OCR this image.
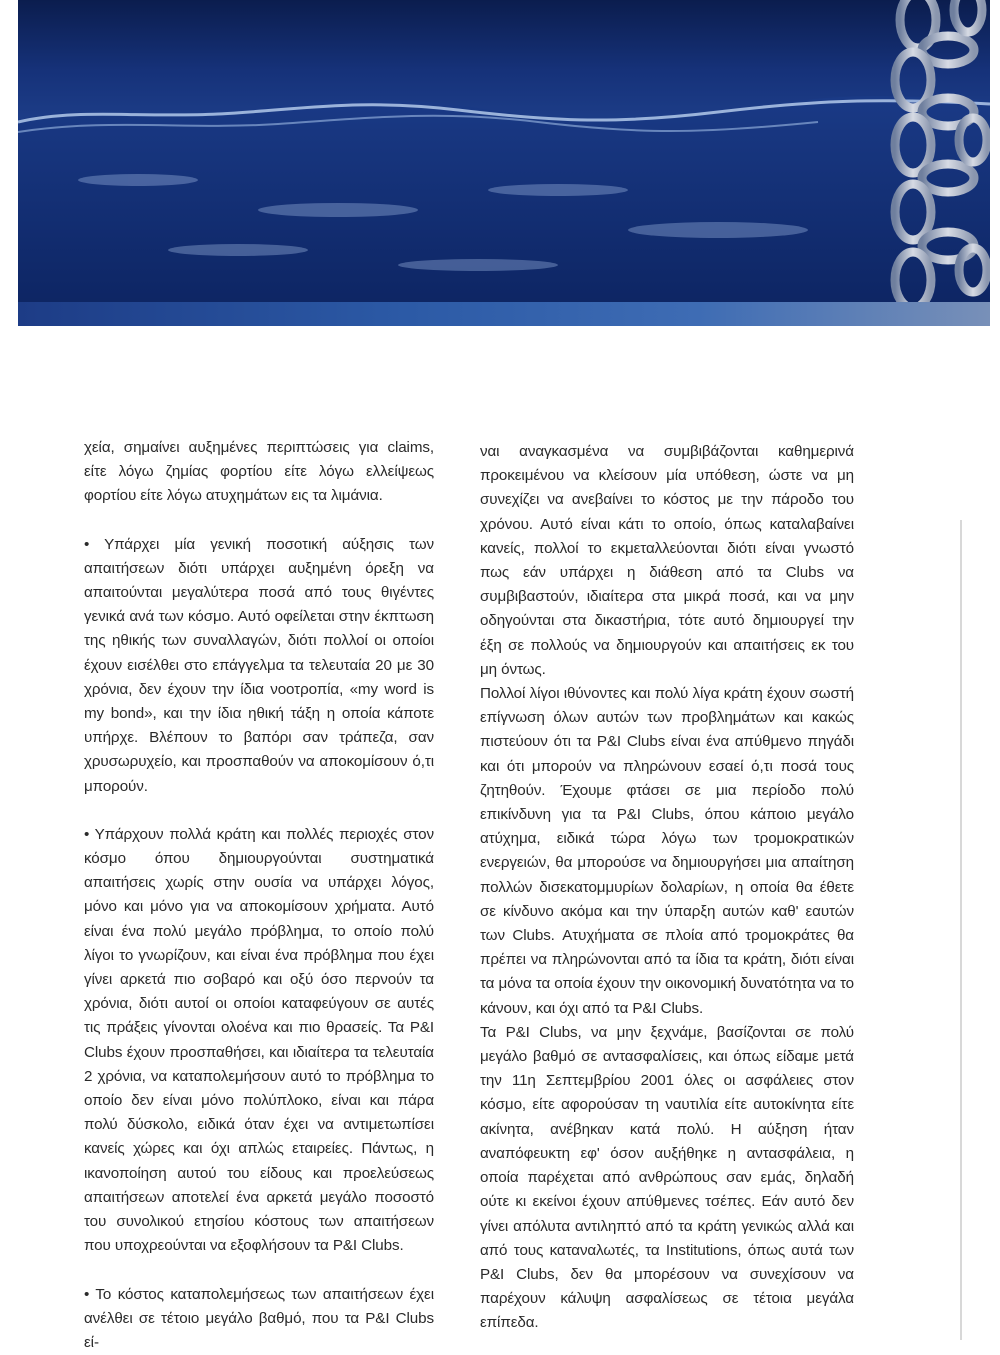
χεία, σημαίνει αυξημένες περιπτώσεις για claims, είτε λόγω ζημίας φορτίου είτε λόγω ελλείψεως φορτίου είτε λόγω ατυχημάτων εις τα λιμάνια.

• Υπάρχει μία γενική ποσοτική αύξησις των απαιτήσεων διότι υπάρχει αυξημένη όρεξη να απαιτούνται μεγαλύτερα ποσά από τους θιγέντες γενικά ανά των κόσμο. Αυτό οφείλεται στην έκπτωση της ηθικής των συναλλαγών, διότι πολλοί οι οποίοι έχουν εισέλθει στο επάγγελμα τα τελευταία 20 με 30 χρόνια, δεν έχουν την ίδια νοοτροπία, «my word is my bond», και την ίδια ηθική τάξη η οποία κάποτε υπήρχε. Βλέπουν το βαπόρι σαν τράπεζα, σαν χρυσωρυχείο, και προσπαθούν να αποκομίσουν ό,τι μπορούν.

• Υπάρχουν πολλά κράτη και πολλές περιοχές στον κόσμο όπου δημιουργούνται συστηματικά απαιτήσεις χωρίς στην ουσία να υπάρχει λόγος, μόνο και μόνο για να αποκομίσουν χρήματα. Αυτό είναι ένα πολύ μεγάλο πρόβλημα, το οποίο πολύ λίγοι το γνωρίζουν, και είναι ένα πρόβλημα που έχει γίνει αρκετά πιο σοβαρό και οξύ όσο περνούν τα χρόνια, διότι αυτοί οι οποίοι καταφεύγουν σε αυτές τις πράξεις γίνονται ολοένα και πιο θρασείς. Τα P&I Clubs έχουν προσπαθήσει, και ιδιαίτερα τα τελευταία 2 χρόνια, να καταπολεμήσουν αυτό το πρόβλημα το οποίο δεν είναι μόνο πολύπλοκο, είναι και πάρα πολύ δύσκολο, ειδικά όταν έχει να αντιμετωπίσει κανείς χώρες και όχι απλώς εταιρείες. Πάντως, η ικανοποίηση αυτού του είδους και προελεύσεως απαιτήσεων αποτελεί ένα αρκετά μεγάλο ποσοστό του συνολικού ετησίου κόστους των απαιτήσεων που υποχρεούνται να εξοφλήσουν τα P&I Clubs.

• Το κόστος καταπολεμήσεως των απαιτήσεων έχει ανέλθει σε τέτοιο μεγάλο βαθμό, που τα P&I Clubs εί-

ναι αναγκασμένα να συμβιβάζονται καθημερινά προκειμένου να κλείσουν μία υπόθεση, ώστε να μη συνεχίζει να ανεβαίνει το κόστος με την πάροδο του χρόνου. Αυτό είναι κάτι το οποίο, όπως καταλαβαίνει κανείς, πολλοί το εκμεταλλεύονται διότι είναι γνωστό πως εάν υπάρχει η διάθεση από τα Clubs να συμβιβαστούν, ιδιαίτερα στα μικρά ποσά, και να μην οδηγούνται στα δικαστήρια, τότε αυτό δημιουργεί την έξη σε πολλούς να δημιουργούν και απαιτήσεις εκ του μη όντως.

Πολλοί λίγοι ιθύνοντες και πολύ λίγα κράτη έχουν σωστή επίγνωση όλων αυτών των προβλημάτων και κακώς πιστεύουν ότι τα P&I Clubs είναι ένα απύθμενο πηγάδι και ότι μπορούν να πληρώνουν εσαεί ό,τι ποσά τους ζητηθούν. Έχουμε φτάσει σε μια περίοδο πολύ επικίνδυνη για τα P&I Clubs, όπου κάποιο μεγάλο ατύχημα, ειδικά τώρα λόγω των τρομοκρατικών ενεργειών, θα μπορούσε να δημιουργήσει μια απαίτηση πολλών δισεκατομμυρίων δολαρίων, η οποία θα έθετε σε κίνδυνο ακόμα και την ύπαρξη αυτών καθ' εαυτών των Clubs. Ατυχήματα σε πλοία από τρομοκράτες θα πρέπει να πληρώνονται από τα ίδια τα κράτη, διότι είναι τα μόνα τα οποία έχουν την οικονομική δυνατότητα να το κάνουν, και όχι από τα P&I Clubs.

Τα P&I Clubs, να μην ξεχνάμε, βασίζονται σε πολύ μεγάλο βαθμό σε αντασφαλίσεις, και όπως είδαμε μετά την 11η Σεπτεμβρίου 2001 όλες οι ασφάλειες στον κόσμο, είτε αφορούσαν τη ναυτιλία είτε αυτοκίνητα είτε ακίνητα, ανέβηκαν κατά πολύ. Η αύξηση ήταν αναπόφευκτη εφ' όσον αυξήθηκε η αντασφάλεια, η οποία παρέχεται από ανθρώπους σαν εμάς, δηλαδή ούτε κι εκείνοι έχουν απύθμενες τσέπες. Εάν αυτό δεν γίνει απόλυτα αντιληπτό από τα κράτη γενικώς αλλά και από τους καταναλωτές, τα Institutions, όπως αυτά των P&I Clubs, δεν θα μπορέσουν να συνεχίσουν να παρέχουν κάλυψη ασφαλίσεως σε τέτοια μεγάλα επίπεδα.
